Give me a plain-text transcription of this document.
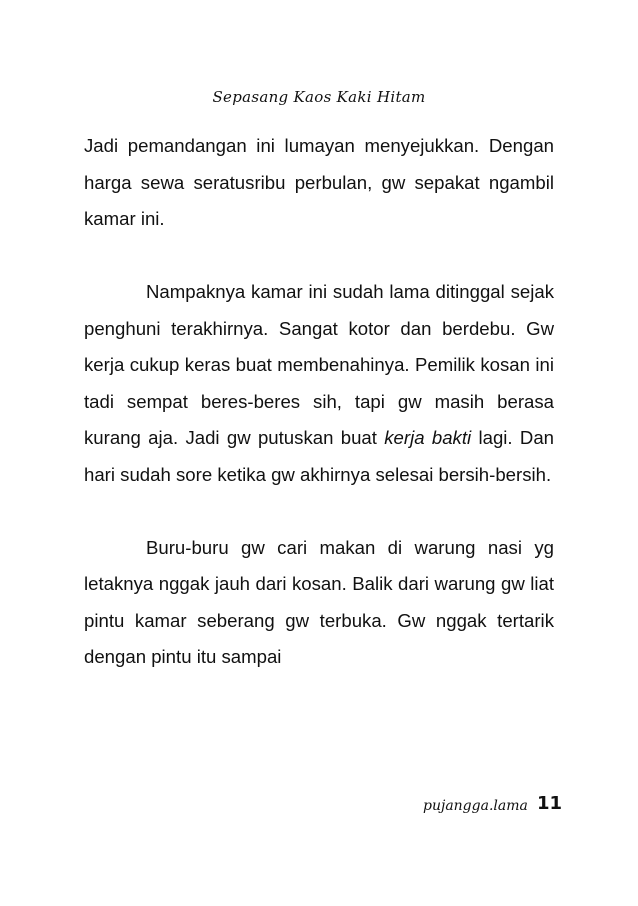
Sepasang Kaos Kaki Hitam

Jadi pemandangan ini lumayan menyejukkan. Dengan harga sewa seratusribu perbulan, gw sepakat ngambil kamar ini.

Nampaknya kamar ini sudah lama ditinggal sejak penghuni terakhirnya. Sangat kotor dan berdebu. Gw kerja cukup keras buat membenahinya. Pemilik kosan ini tadi sempat beres-beres sih, tapi gw masih berasa kurang aja. Jadi gw putuskan buat kerja bakti lagi. Dan hari sudah sore ketika gw akhirnya selesai bersih-bersih.

Buru-buru gw cari makan di warung nasi yg letaknya nggak jauh dari kosan. Balik dari warung gw liat pintu kamar seberang gw terbuka. Gw nggak tertarik dengan pintu itu sampai

pujangga.lama 11
